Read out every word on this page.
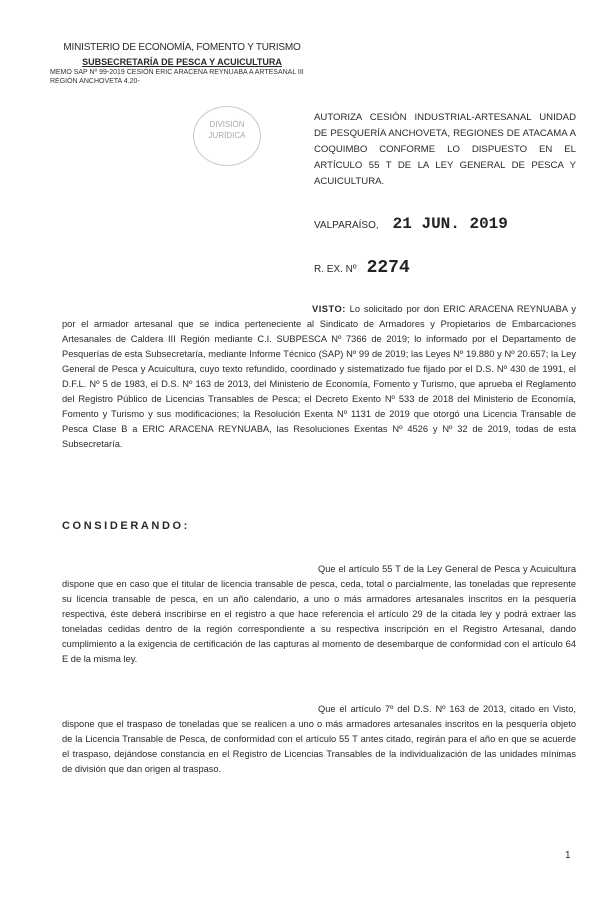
MINISTERIO DE ECONOMÍA, FOMENTO Y TURISMO
SUBSECRETARÍA DE PESCA Y ACUICULTURA
MEMO SAP Nº 99-2019 CESIÓN ERIC ARACENA REYNUABA A ARTESANAL III
REGIÓN ANCHOVETA 4.20-
DIVISIÓN
JURÍDICA
AUTORIZA CESIÓN INDUSTRIAL-ARTESANAL UNIDAD DE PESQUERÍA ANCHOVETA, REGIONES DE ATACAMA A COQUIMBO CONFORME LO DISPUESTO EN EL ARTÍCULO 55 T DE LA LEY GENERAL DE PESCA Y ACUICULTURA.
VALPARAÍSO, 21 JUN. 2019
R. EX. Nº 2274

VISTO: Lo solicitado por don ERIC ARACENA REYNUABA y por el armador artesanal que se indica perteneciente al Sindicato de Armadores y Propietarios de Embarcaciones Artesanales de Caldera III Región mediante C.I. SUBPESCA Nº 7366 de 2019; lo informado por el Departamento de Pesquerías de esta Subsecretaría, mediante Informe Técnico (SAP) Nº 99 de 2019; las Leyes Nº 19.880 y Nº 20.657; la Ley General de Pesca y Acuicultura, cuyo texto refundido, coordinado y sistematizado fue fijado por el D.S. Nº 430 de 1991, el D.F.L. Nº 5 de 1983, el D.S. Nº 163 de 2013, del Ministerio de Economía, Fomento y Turismo, que aprueba el Reglamento del Registro Público de Licencias Transables de Pesca; el Decreto Exento Nº 533 de 2018 del Ministerio de Economía, Fomento y Turismo y sus modificaciones; la Resolución Exenta Nº 1131 de 2019 que otorgó una Licencia Transable de Pesca Clase B a ERIC ARACENA REYNUABA, las Resoluciones Exentas Nº 4526 y Nº 32 de 2019, todas de esta Subsecretaría.

CONSIDERANDO:

Que el artículo 55 T de la Ley General de Pesca y Acuicultura dispone que en caso que el titular de licencia transable de pesca, ceda, total o parcialmente, las toneladas que represente su licencia transable de pesca, en un año calendario, a uno o más armadores artesanales inscritos en la pesquería respectiva, éste deberá inscribirse en el registro a que hace referencia el artículo 29 de la citada ley y podrá extraer las toneladas cedidas dentro de la región correspondiente a su respectiva inscripción en el Registro Artesanal, dando cumplimiento a la exigencia de certificación de las capturas al momento de desembarque de conformidad con el artículo 64 E de la misma ley.

Que el artículo 7º del D.S. Nº 163 de 2013, citado en Visto, dispone que el traspaso de toneladas que se realicen a uno o más armadores artesanales inscritos en la pesquería objeto de la Licencia Transable de Pesca, de conformidad con el artículo 55 T antes citado, regirán para el año en que se acuerde el traspaso, dejándose constancia en el Registro de Licencias Transables de la individualización de las unidades mínimas de división que dan origen al traspaso.

1
